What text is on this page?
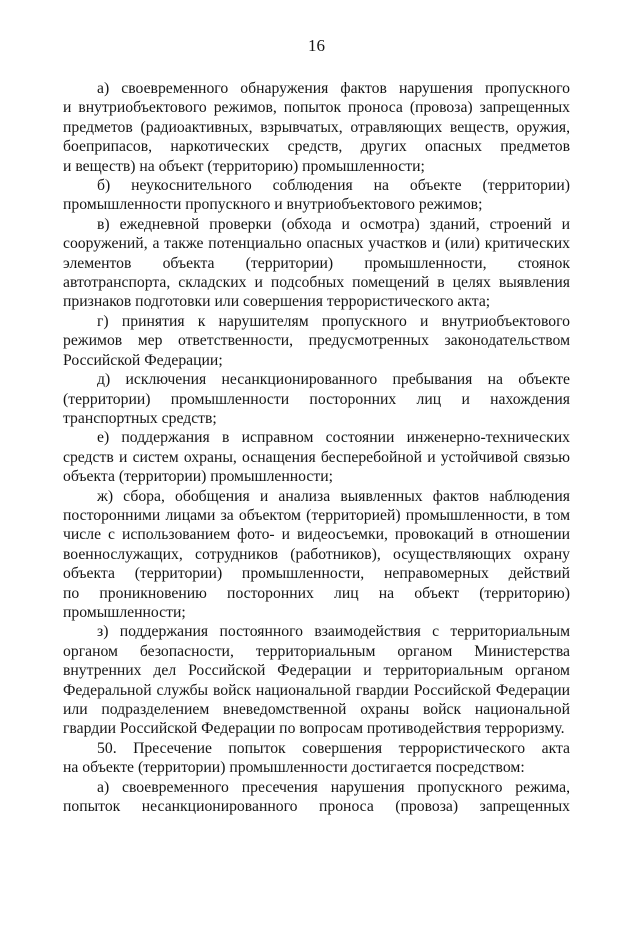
16
а) своевременного обнаружения фактов нарушения пропускного
и внутриобъектового режимов, попыток проноса (провоза) запрещенных
предметов (радиоактивных, взрывчатых, отравляющих веществ, оружия,
боеприпасов, наркотических средств, других опасных предметов
и веществ) на объект (территорию) промышленности;
б) неукоснительного соблюдения на объекте (территории)
промышленности пропускного и внутриобъектового режимов;
в) ежедневной проверки (обхода и осмотра) зданий, строений и
сооружений, а также потенциально опасных участков и (или) критических
элементов объекта (территории) промышленности, стоянок
автотранспорта, складских и подсобных помещений в целях выявления
признаков подготовки или совершения террористического акта;
г) принятия к нарушителям пропускного и внутриобъектового
режимов мер ответственности, предусмотренных законодательством
Российской Федерации;
д) исключения несанкционированного пребывания на объекте
(территории) промышленности посторонних лиц и нахождения
транспортных средств;
е) поддержания в исправном состоянии инженерно-технических
средств и систем охраны, оснащения бесперебойной и устойчивой связью
объекта (территории) промышленности;
ж) сбора, обобщения и анализа выявленных фактов наблюдения
посторонними лицами за объектом (территорией) промышленности, в том
числе с использованием фото- и видеосъемки, провокаций в отношении
военнослужащих, сотрудников (работников), осуществляющих охрану
объекта (территории) промышленности, неправомерных действий
по проникновению посторонних лиц на объект (территорию)
промышленности;
з) поддержания постоянного взаимодействия с территориальным
органом безопасности, территориальным органом Министерства
внутренних дел Российской Федерации и территориальным органом
Федеральной службы войск национальной гвардии Российской Федерации
или подразделением вневедомственной охраны войск национальной
гвардии Российской Федерации по вопросам противодействия терроризму.
50. Пресечение попыток совершения террористического акта
на объекте (территории) промышленности достигается посредством:
а) своевременного пресечения нарушения пропускного режима,
попыток несанкционированного проноса (провоза) запрещенных
